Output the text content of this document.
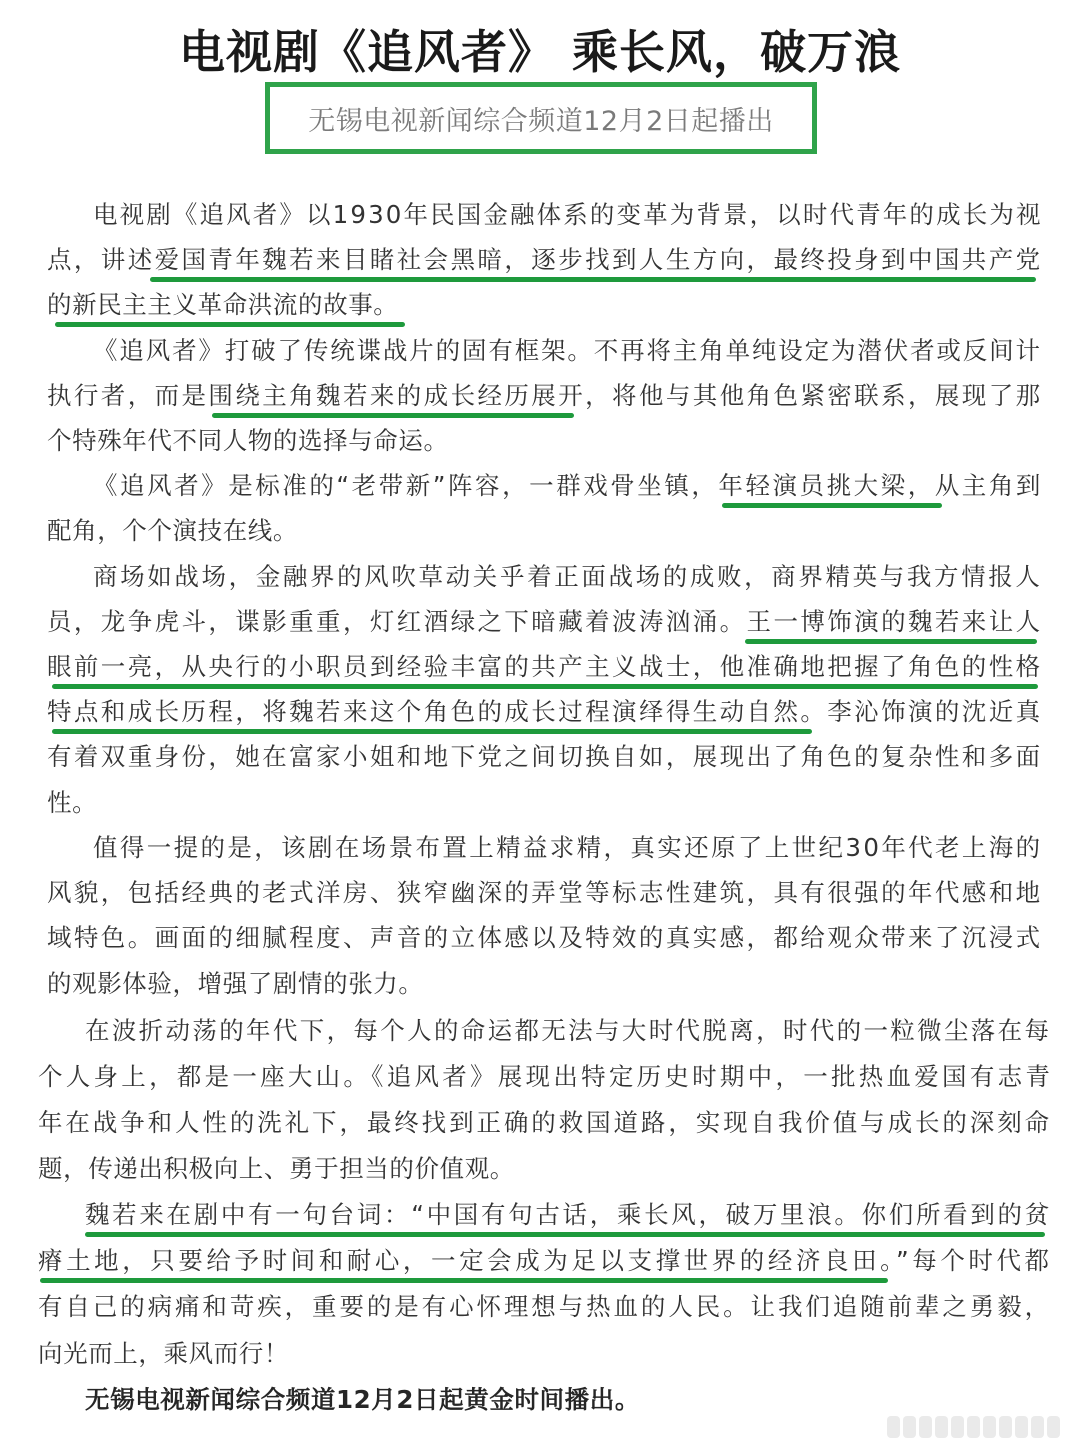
电视剧《追风者》 乘长风，破万浪
无锡电视新闻综合频道12月2日起播出
电视剧《追风者》以1930年民国金融体系的变革为背景，以时代青年的成长为视
点，讲述爱国青年魏若来目睹社会黑暗，逐步找到人生方向，最终投身到中国共产党
的新民主主义革命洪流的故事。
《追风者》打破了传统谍战片的固有框架。不再将主角单纯设定为潜伏者或反间计
执行者，而是围绕主角魏若来的成长经历展开，将他与其他角色紧密联系，展现了那
个特殊年代不同人物的选择与命运。
《追风者》是标准的“老带新”阵容，一群戏骨坐镇，年轻演员挑大梁，从主角到
配角，个个演技在线。
商场如战场，金融界的风吹草动关乎着正面战场的成败，商界精英与我方情报人
员，龙争虎斗，谍影重重，灯红酒绿之下暗藏着波涛汹涌。王一博饰演的魏若来让人
眼前一亮，从央行的小职员到经验丰富的共产主义战士，他准确地把握了角色的性格
特点和成长历程，将魏若来这个角色的成长过程演绎得生动自然。李沁饰演的沈近真
有着双重身份，她在富家小姐和地下党之间切换自如，展现出了角色的复杂性和多面
性。
值得一提的是，该剧在场景布置上精益求精，真实还原了上世纪30年代老上海的
风貌，包括经典的老式洋房、狭窄幽深的弄堂等标志性建筑，具有很强的年代感和地
域特色。画面的细腻程度、声音的立体感以及特效的真实感，都给观众带来了沉浸式
的观影体验，增强了剧情的张力。
在波折动荡的年代下，每个人的命运都无法与大时代脱离，时代的一粒微尘落在每
个人身上，都是一座大山。《追风者》展现出特定历史时期中，一批热血爱国有志青
年在战争和人性的洗礼下，最终找到正确的救国道路，实现自我价值与成长的深刻命
题，传递出积极向上、勇于担当的价值观。
魏若来在剧中有一句台词：“中国有句古话，乘长风，破万里浪。你们所看到的贫
瘠土地，只要给予时间和耐心，一定会成为足以支撑世界的经济良田。”每个时代都
有自己的病痛和苛疾，重要的是有心怀理想与热血的人民。让我们追随前辈之勇毅，
向光而上，乘风而行！
无锡电视新闻综合频道12月2日起黄金时间播出。
